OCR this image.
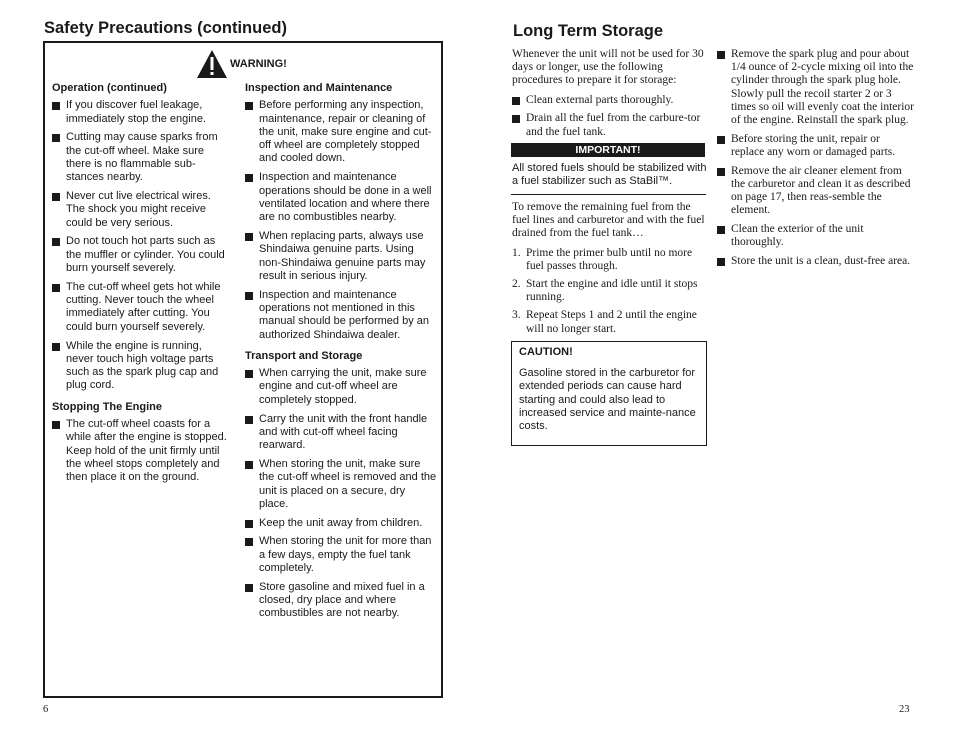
Safety Precautions (continued)
WARNING!
Operation (continued)
If you discover fuel leakage, immediately stop the engine.
Cutting may cause sparks from the cut-off wheel. Make sure there is no flammable sub-stances nearby.
Never cut live electrical wires. The shock you might receive could be very serious.
Do not touch hot parts such as the muffler or cylinder. You could burn yourself severely.
The cut-off wheel gets hot while cutting. Never touch the wheel immediately after cutting. You could burn yourself severely.
While the engine is running, never touch high voltage parts such as the spark plug cap and plug cord.
Stopping The Engine
The cut-off wheel coasts for a while after the engine is stopped. Keep hold of the unit firmly until the wheel stops completely and then place it on the ground.
Inspection and Maintenance
Before performing any inspection, maintenance, repair or cleaning of the unit, make sure engine and cut-off wheel are completely stopped and cooled down.
Inspection and maintenance operations should be done in a well ventilated location and where there are no combustibles nearby.
When replacing parts, always use Shindaiwa genuine parts. Using non-Shindaiwa genuine parts may result in serious injury.
Inspection and maintenance operations not mentioned in this manual should be performed by an authorized Shindaiwa dealer.
Transport and Storage
When carrying the unit, make sure engine and cut-off wheel are completely stopped.
Carry the unit with the front handle and with cut-off wheel facing rearward.
When storing the unit, make sure the cut-off wheel is removed and the unit is placed on a secure, dry place.
Keep the unit away from children.
When storing the unit for more than a few days, empty the fuel tank completely.
Store gasoline and mixed fuel in a closed, dry place and where combustibles are not nearby.
6
Long Term Storage
Whenever the unit will not be used for 30 days or longer, use the following procedures to prepare it for storage:
Clean external parts thoroughly.
Drain all the fuel from the carbure-tor and the fuel tank.
IMPORTANT!
All stored fuels should be stabilized with a fuel stabilizer such as StaBil™.
To remove the remaining fuel from the fuel lines and carburetor and with the fuel drained from the fuel tank…
1. Prime the primer bulb until no more fuel passes through.
2. Start the engine and idle until it stops running.
3. Repeat Steps 1 and 2 until the engine will no longer start.
CAUTION!
Gasoline stored in the carburetor for extended periods can cause hard starting and could also lead to increased service and mainte-nance costs.
Remove the spark plug and pour about 1/4 ounce of 2-cycle mixing oil into the cylinder through the spark plug hole. Slowly pull the recoil starter 2 or 3 times so oil will evenly coat the interior of the engine. Reinstall the spark plug.
Before storing the unit, repair or replace any worn or damaged parts.
Remove the air cleaner element from the carburetor and clean it as described on page 17, then reas-semble the element.
Clean the exterior of the unit thoroughly.
Store the unit is a clean, dust-free area.
23
